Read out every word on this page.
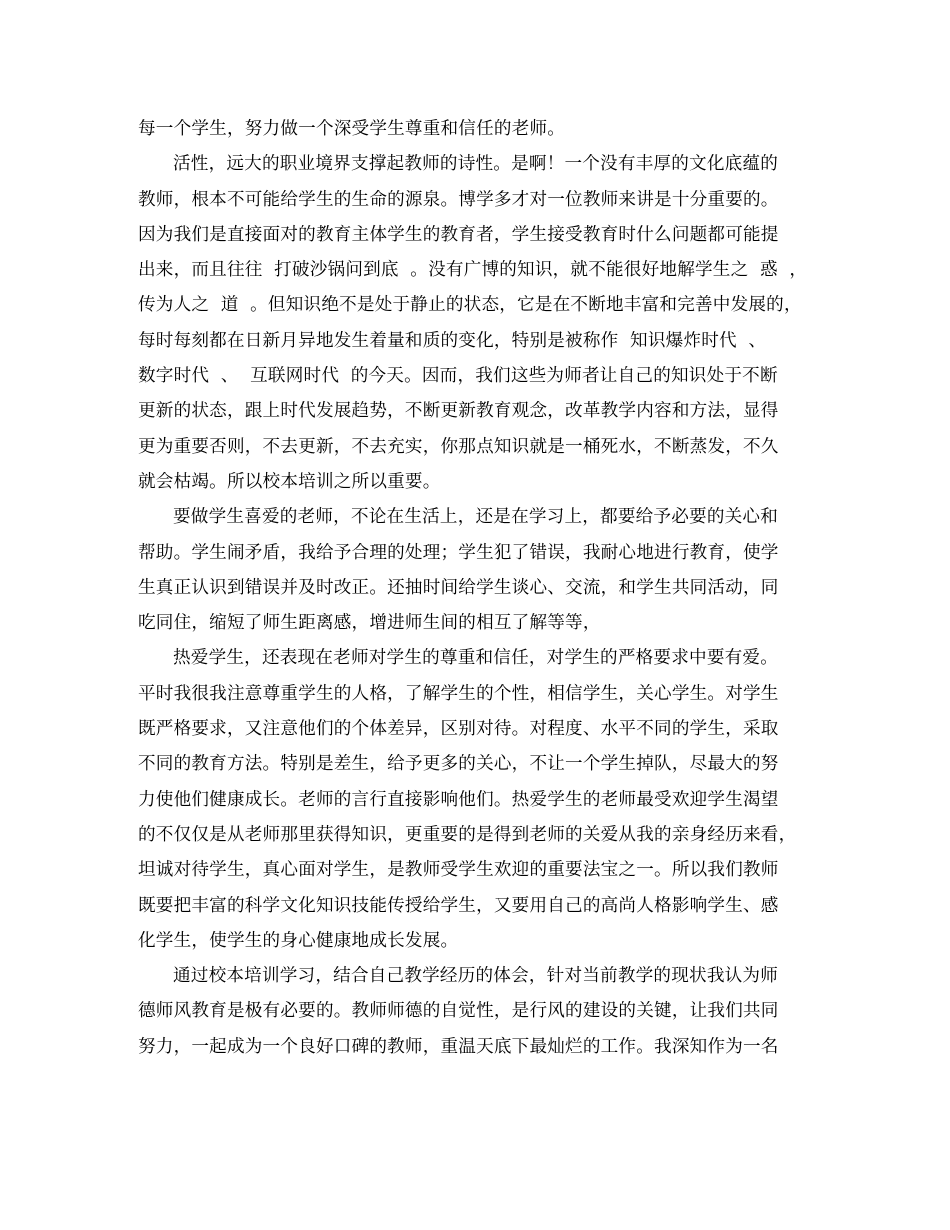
每一个学生，努力做一个深受学生尊重和信任的老师。
活性，远大的职业境界支撑起教师的诗性。是啊！一个没有丰厚的文化底蕴的
教师，根本不可能给学生的生命的源泉。博学多才对一位教师来讲是十分重要的。
因为我们是直接面对的教育主体学生的教育者，学生接受教育时什么问题都可能提
出来，而且往往  打破沙锅问到底  。没有广博的知识，就不能很好地解学生之  惑  ，
传为人之  道  。但知识绝不是处于静止的状态，它是在不断地丰富和完善中发展的，
每时每刻都在日新月异地发生着量和质的变化，特别是被称作  知识爆炸时代  、
数字时代  、  互联网时代  的今天。因而，我们这些为师者让自己的知识处于不断
更新的状态，跟上时代发展趋势，不断更新教育观念，改革教学内容和方法，显得
更为重要否则，不去更新，不去充实，你那点知识就是一桶死水，不断蒸发，不久
就会枯竭。所以校本培训之所以重要。
要做学生喜爱的老师，不论在生活上，还是在学习上，都要给予必要的关心和
帮助。学生闹矛盾，我给予合理的处理；学生犯了错误，我耐心地进行教育，使学
生真正认识到错误并及时改正。还抽时间给学生谈心、交流，和学生共同活动，同
吃同住，缩短了师生距离感，增进师生间的相互了解等等，
热爱学生，还表现在老师对学生的尊重和信任，对学生的严格要求中要有爱。
平时我很我注意尊重学生的人格，了解学生的个性，相信学生，关心学生。对学生
既严格要求，又注意他们的个体差异，区别对待。对程度、水平不同的学生，采取
不同的教育方法。特别是差生，给予更多的关心，不让一个学生掉队，尽最大的努
力使他们健康成长。老师的言行直接影响他们。热爱学生的老师最受欢迎学生渴望
的不仅仅是从老师那里获得知识，更重要的是得到老师的关爱从我的亲身经历来看，
坦诚对待学生，真心面对学生，是教师受学生欢迎的重要法宝之一。所以我们教师
既要把丰富的科学文化知识技能传授给学生，又要用自己的高尚人格影响学生、感
化学生，使学生的身心健康地成长发展。
通过校本培训学习，结合自己教学经历的体会，针对当前教学的现状我认为师
德师风教育是极有必要的。教师师德的自觉性，是行风的建设的关键，让我们共同
努力，一起成为一个良好口碑的教师，重温天底下最灿烂的工作。我深知作为一名
